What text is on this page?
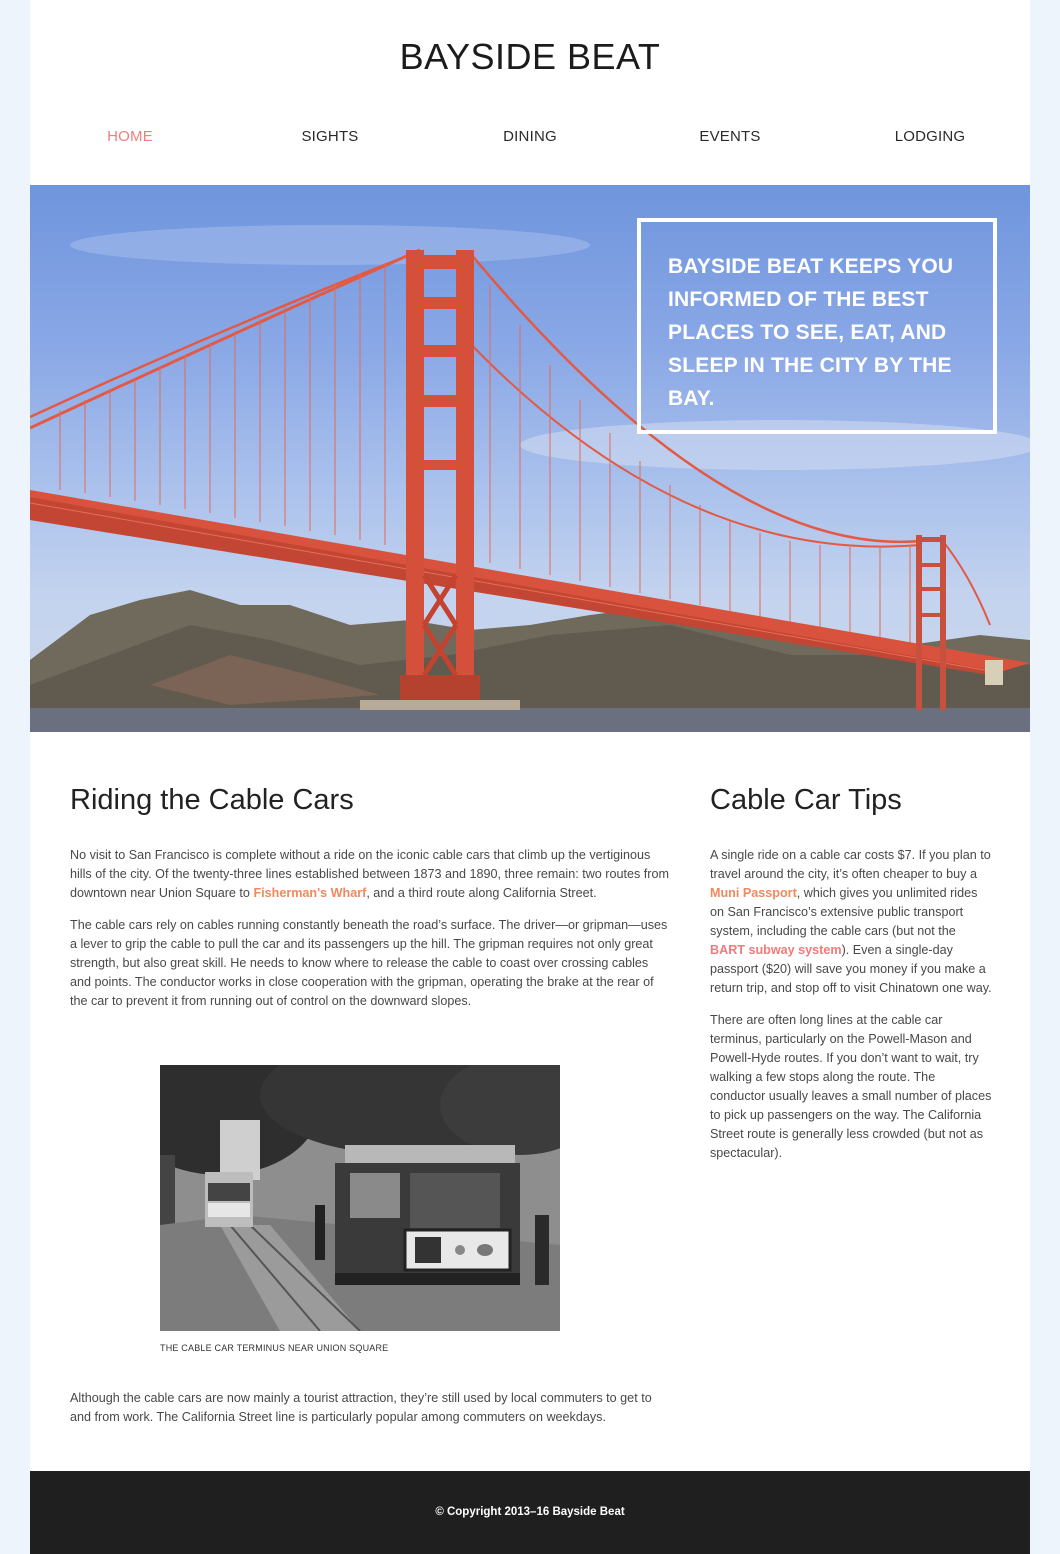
BAYSIDE BEAT
HOME	SIGHTS	DINING	EVENTS	LODGING
BAYSIDE BEAT KEEPS YOU INFORMED OF THE BEST PLACES TO SEE, EAT, AND SLEEP IN THE CITY BY THE BAY.
Riding the Cable Cars

No visit to San Francisco is complete without a ride on the iconic cable cars that climb up the vertiginous hills of the city. Of the twenty-three lines established between 1873 and 1890, three remain: two routes from downtown near Union Square to Fisherman's Wharf, and a third route along California Street.

The cable cars rely on cables running constantly beneath the road’s surface. The driver—or gripman—uses a lever to grip the cable to pull the car and its passengers up the hill. The gripman requires not only great strength, but also great skill. He needs to know where to release the cable to coast over crossing cables and points. The conductor works in close cooperation with the gripman, operating the brake at the rear of the car to prevent it from running out of control on the downward slopes.

THE CABLE CAR TERMINUS NEAR UNION SQUARE

Although the cable cars are now mainly a tourist attraction, they’re still used by local commuters to get to and from work. The California Street line is particularly popular among commuters on weekdays.

Cable Car Tips

A single ride on a cable car costs $7. If you plan to travel around the city, it’s often cheaper to buy a Muni Passport, which gives you unlimited rides on San Francisco’s extensive public transport system, including the cable cars (but not the BART subway system). Even a single-day passport ($20) will save you money if you make a return trip, and stop off to visit Chinatown one way.

There are often long lines at the cable car terminus, particularly on the Powell-Mason and Powell-Hyde routes. If you don’t want to wait, try walking a few stops along the route. The conductor usually leaves a small number of places to pick up passengers on the way. The California Street route is generally less crowded (but not as spectacular).

© Copyright 2013–16 Bayside Beat
